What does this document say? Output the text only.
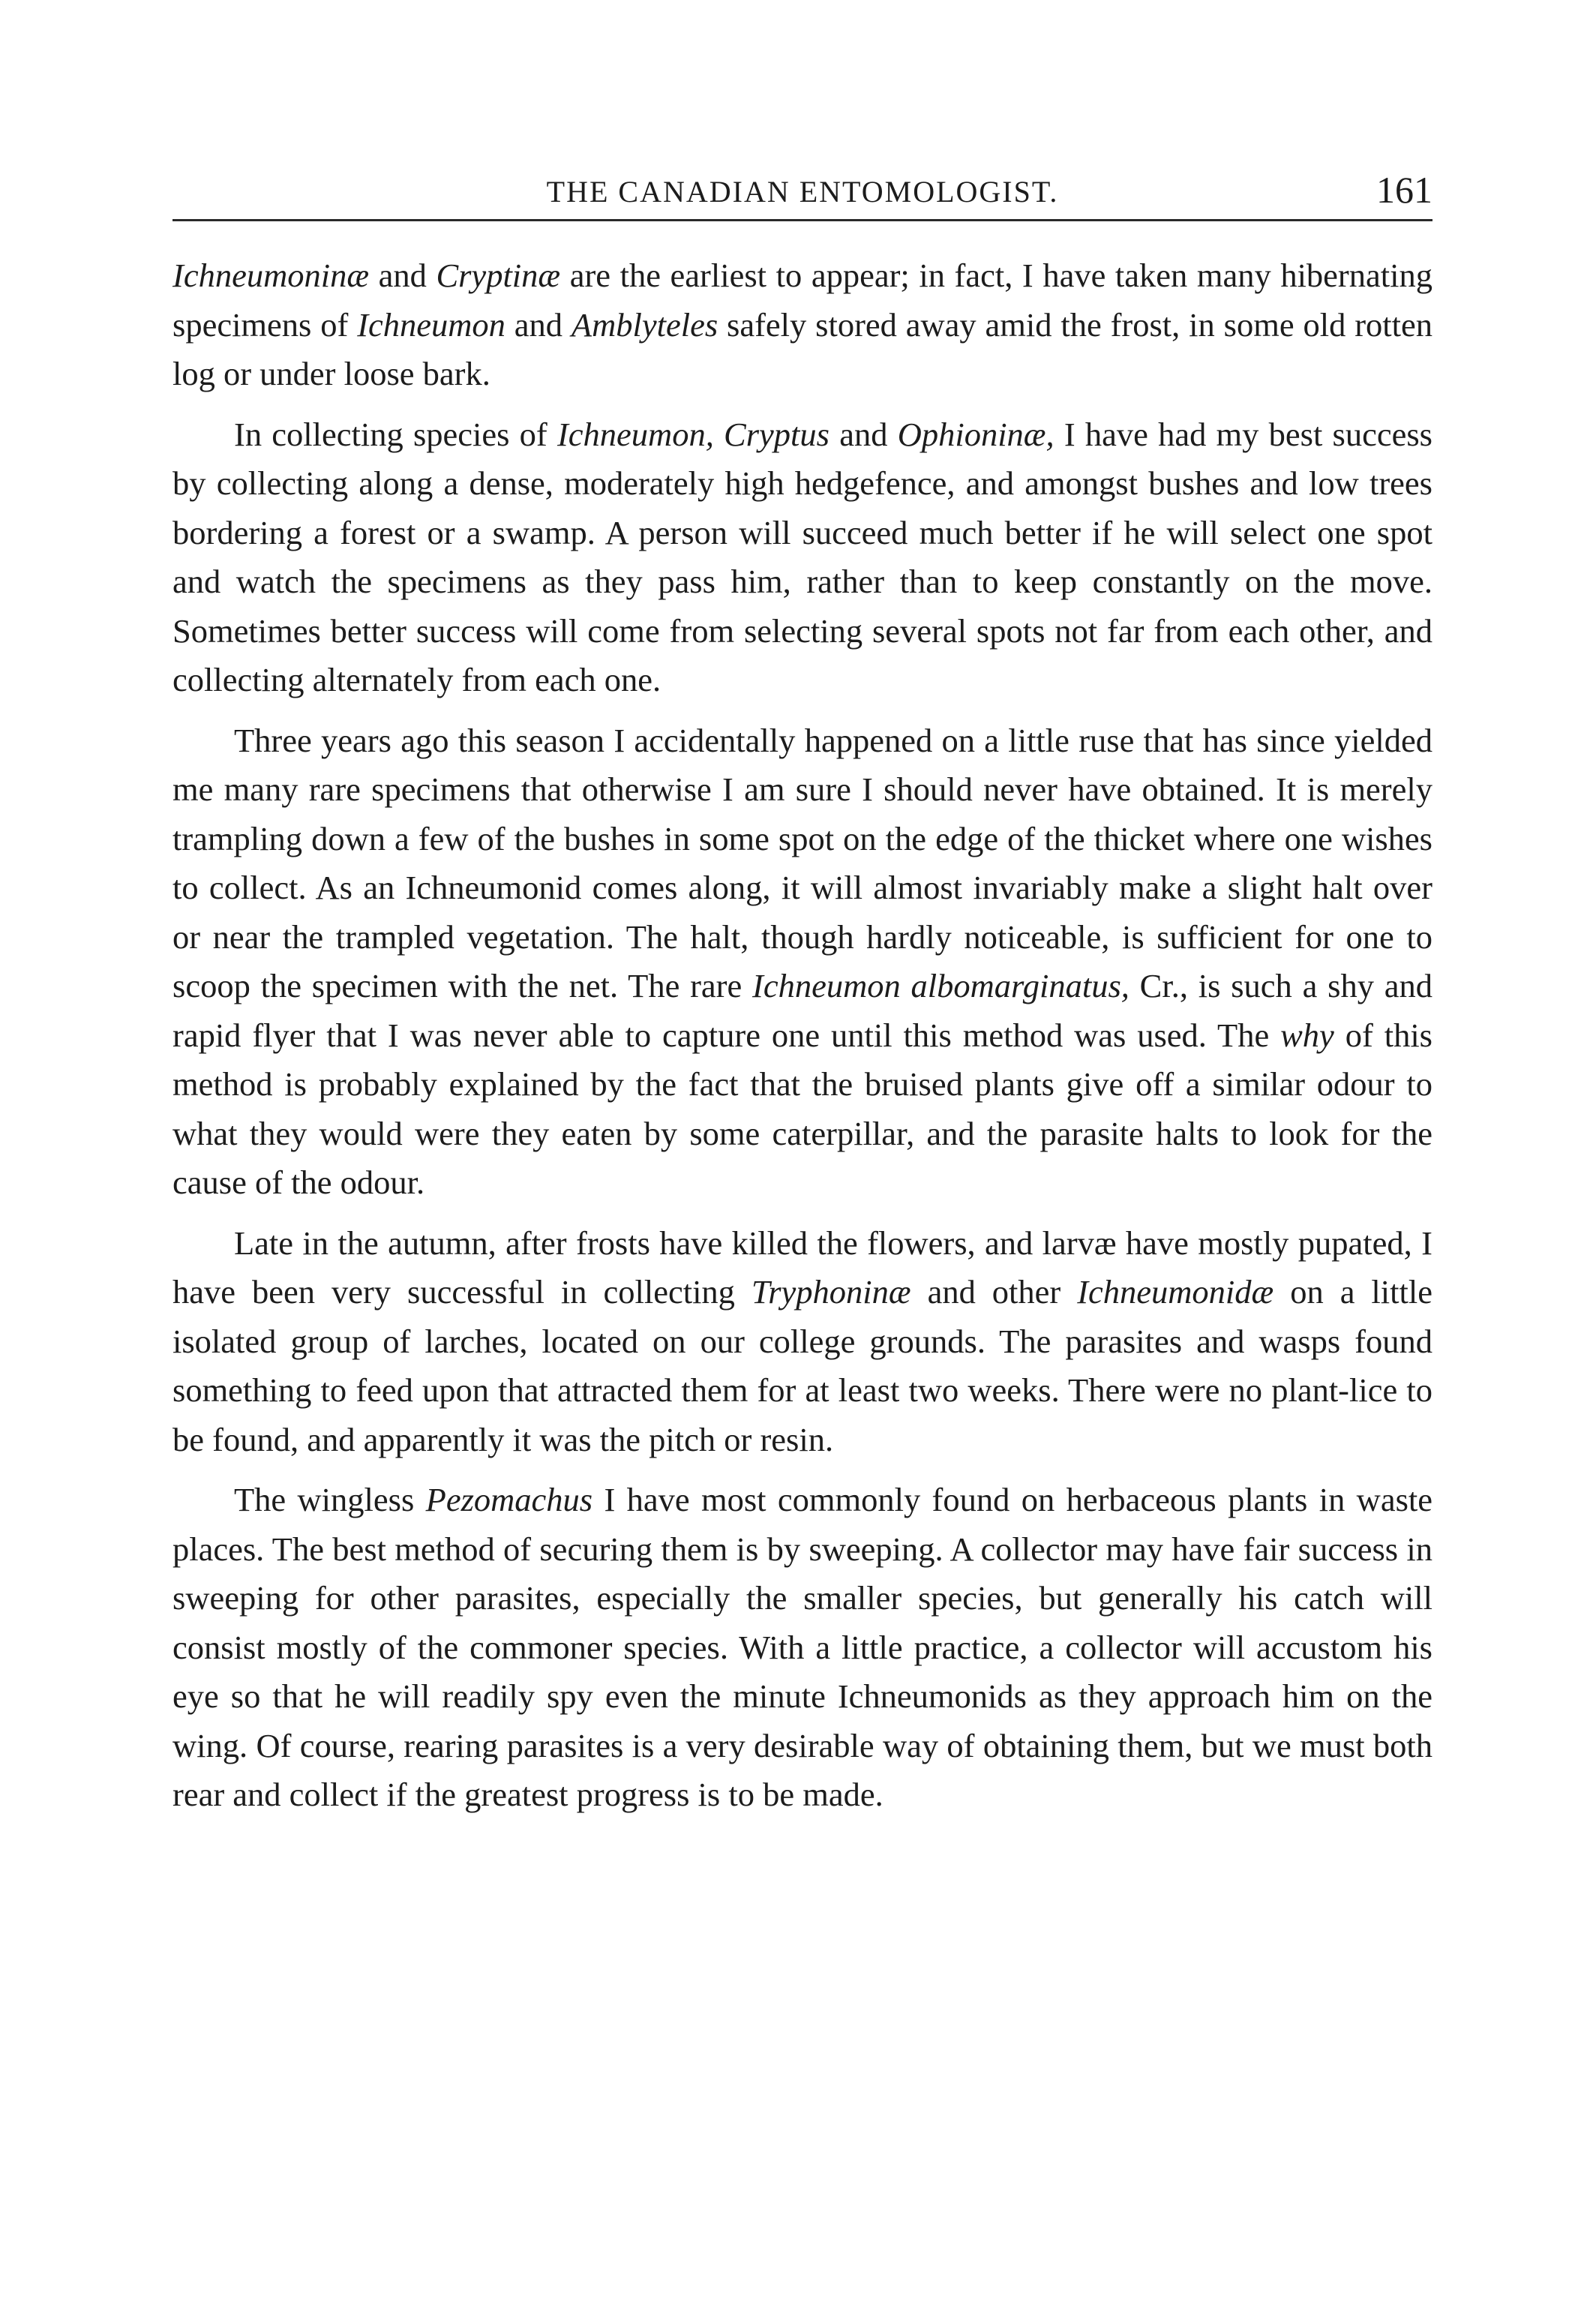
THE CANADIAN ENTOMOLOGIST.	161

Ichneumoninæ and Cryptinæ are the earliest to appear; in fact, I have taken many hibernating specimens of Ichneumon and Amblyteles safely stored away amid the frost, in some old rotten log or under loose bark.

In collecting species of Ichneumon, Cryptus and Ophioninæ, I have had my best success by collecting along a dense, moderately high hedgefence, and amongst bushes and low trees bordering a forest or a swamp. A person will succeed much better if he will select one spot and watch the specimens as they pass him, rather than to keep constantly on the move. Sometimes better success will come from selecting several spots not far from each other, and collecting alternately from each one.

Three years ago this season I accidentally happened on a little ruse that has since yielded me many rare specimens that otherwise I am sure I should never have obtained. It is merely trampling down a few of the bushes in some spot on the edge of the thicket where one wishes to collect. As an Ichneumonid comes along, it will almost invariably make a slight halt over or near the trampled vegetation. The halt, though hardly noticeable, is sufficient for one to scoop the specimen with the net. The rare Ichneumon albomarginatus, Cr., is such a shy and rapid flyer that I was never able to capture one until this method was used. The why of this method is probably explained by the fact that the bruised plants give off a similar odour to what they would were they eaten by some caterpillar, and the parasite halts to look for the cause of the odour.

Late in the autumn, after frosts have killed the flowers, and larvæ have mostly pupated, I have been very successful in collecting Tryphoninæ and other Ichneumonidæ on a little isolated group of larches, located on our college grounds. The parasites and wasps found something to feed upon that attracted them for at least two weeks. There were no plant-lice to be found, and apparently it was the pitch or resin.

The wingless Pezomachus I have most commonly found on herbaceous plants in waste places. The best method of securing them is by sweeping. A collector may have fair success in sweeping for other parasites, especially the smaller species, but generally his catch will consist mostly of the commoner species. With a little practice, a collector will accustom his eye so that he will readily spy even the minute Ichneumonids as they approach him on the wing. Of course, rearing parasites is a very desirable way of obtaining them, but we must both rear and collect if the greatest progress is to be made.
